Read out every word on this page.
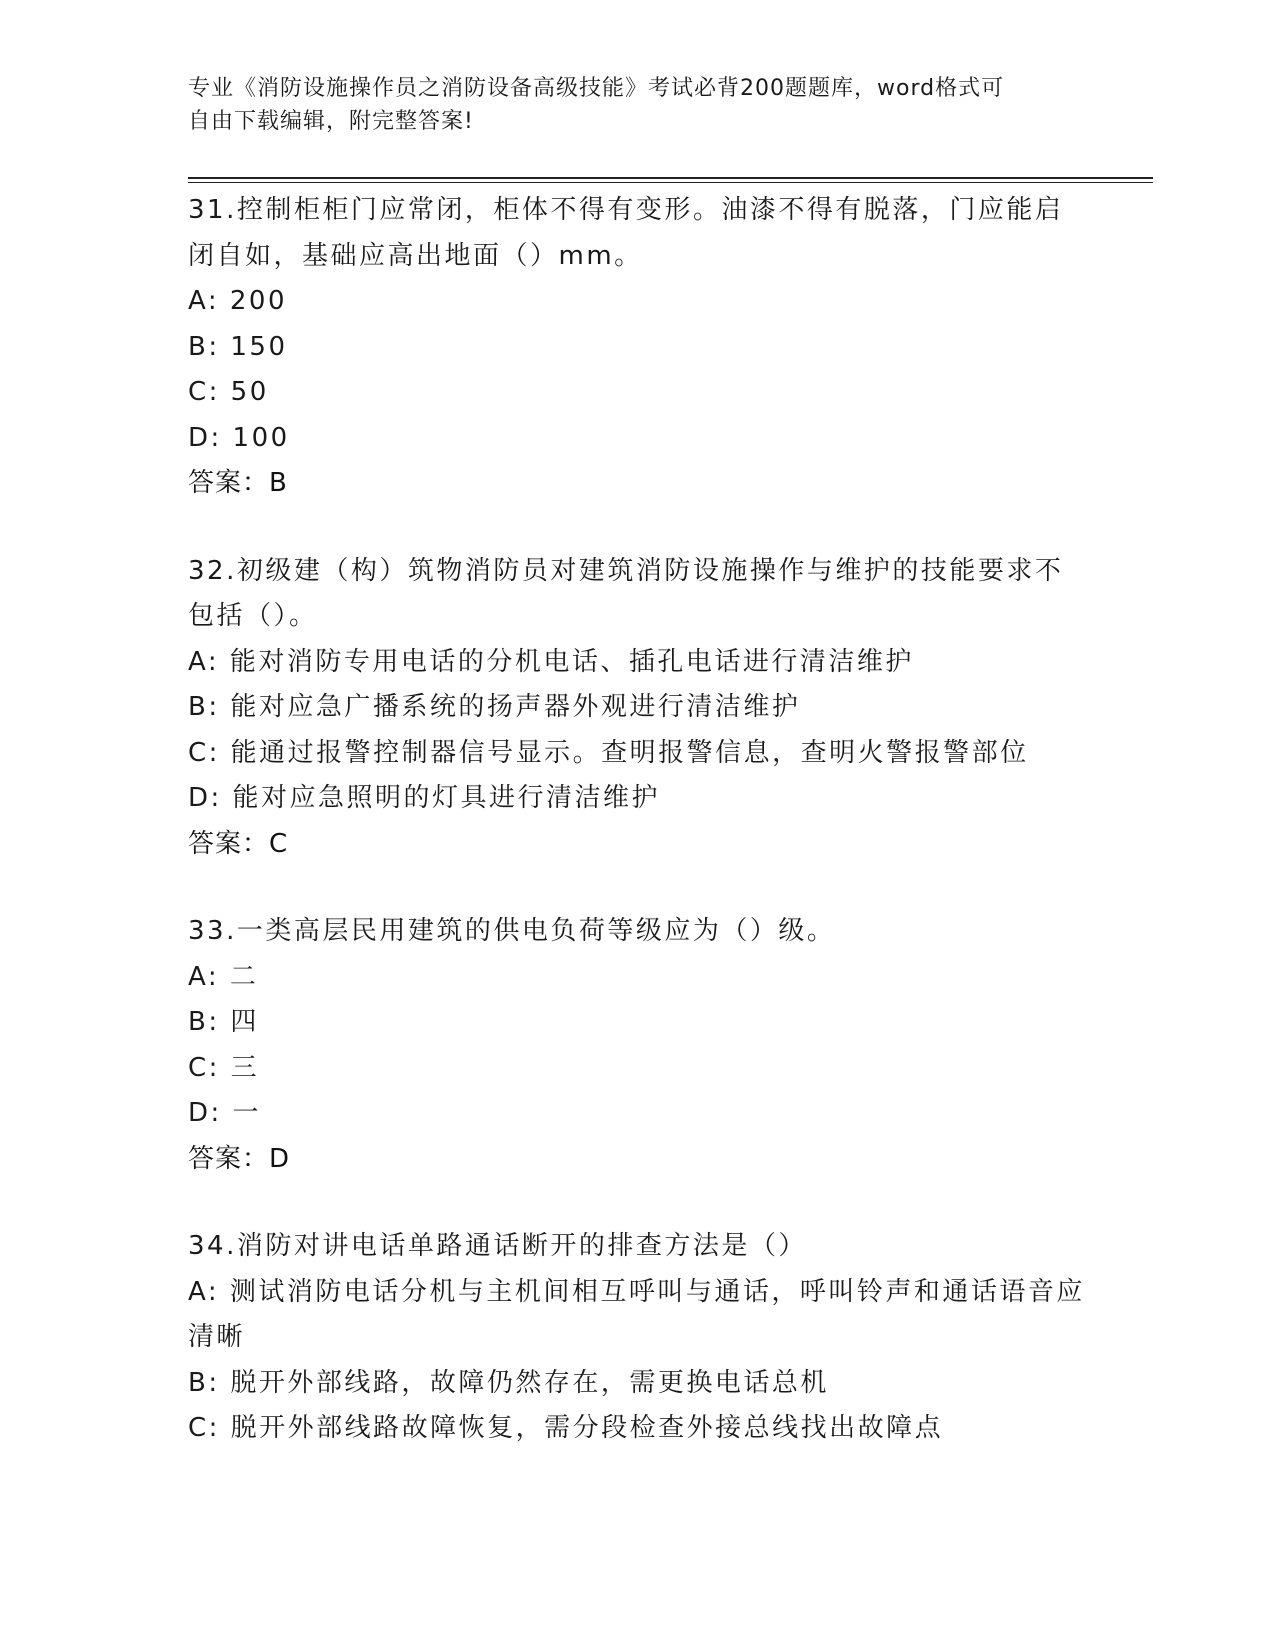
专业《消防设施操作员之消防设备高级技能》考试必背200题题库，word格式可
自由下载编辑，附完整答案!
31.控制柜柜门应常闭，柜体不得有变形。油漆不得有脱落，门应能启闭自如，基础应高出地面（）mm。
A: 200
B: 150
C: 50
D: 100
答案：B
32.初级建（构）筑物消防员对建筑消防设施操作与维护的技能要求不包括（）。
A: 能对消防专用电话的分机电话、插孔电话进行清洁维护
B: 能对应急广播系统的扬声器外观进行清洁维护
C: 能通过报警控制器信号显示。查明报警信息，查明火警报警部位
D: 能对应急照明的灯具进行清洁维护
答案：C
33.一类高层民用建筑的供电负荷等级应为（）级。
A: 二
B: 四
C: 三
D: 一
答案：D
34.消防对讲电话单路通话断开的排查方法是（）
A: 测试消防电话分机与主机间相互呼叫与通话，呼叫铃声和通话语音应清晰
B: 脱开外部线路，故障仍然存在，需更换电话总机
C: 脱开外部线路故障恢复，需分段检查外接总线找出故障点
